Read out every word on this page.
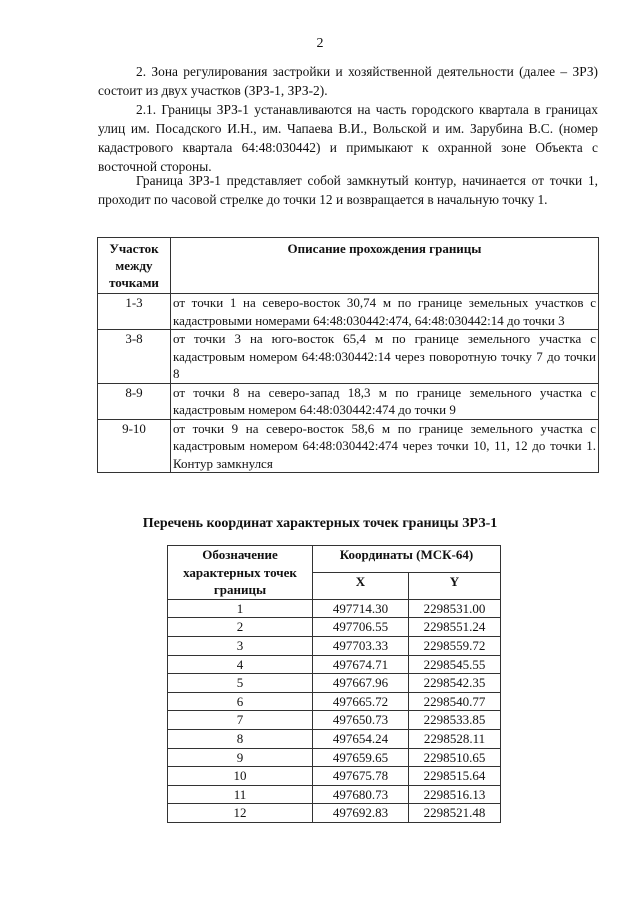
2

2. Зона регулирования застройки и хозяйственной деятельности (далее – ЗРЗ) состоит из двух участков (ЗРЗ-1, ЗРЗ-2).

2.1. Границы ЗРЗ-1 устанавливаются на часть городского квартала в границах улиц им. Посадского И.Н., им. Чапаева В.И., Вольской и им. Зарубина В.С. (номер кадастрового квартала 64:48:030442) и примыкают к охранной зоне Объекта с восточной стороны.

Граница ЗРЗ-1 представляет собой замкнутый контур, начинается от точки 1, проходит по часовой стрелке до точки 12 и возвращается в начальную точку 1.

Участок между точками	Описание прохождения границы
1-3	от точки 1 на северо-восток 30,74 м по границе земельных участков с кадастровыми номерами 64:48:030442:474, 64:48:030442:14 до точки 3
3-8	от точки 3 на юго-восток 65,4 м по границе земельного участка с кадастровым номером 64:48:030442:14 через поворотную точку 7 до точки 8
8-9	от точки 8 на северо-запад 18,3 м по границе земельного участка с кадастровым номером 64:48:030442:474 до точки 9
9-10	от точки 9 на северо-восток 58,6 м по границе земельного участка с кадастровым номером 64:48:030442:474 через точки 10, 11, 12 до точки 1. Контур замкнулся
Перечень координат характерных точек границы ЗРЗ-1
Обозначение характерных точек границы	Координаты (МСК-64)	
	X	Y
1	497714.30	2298531.00
2	497706.55	2298551.24
3	497703.33	2298559.72
4	497674.71	2298545.55
5	497667.96	2298542.35
6	497665.72	2298540.77
7	497650.73	2298533.85
8	497654.24	2298528.11
9	497659.65	2298510.65
10	497675.78	2298515.64
11	497680.73	2298516.13
12	497692.83	2298521.48
